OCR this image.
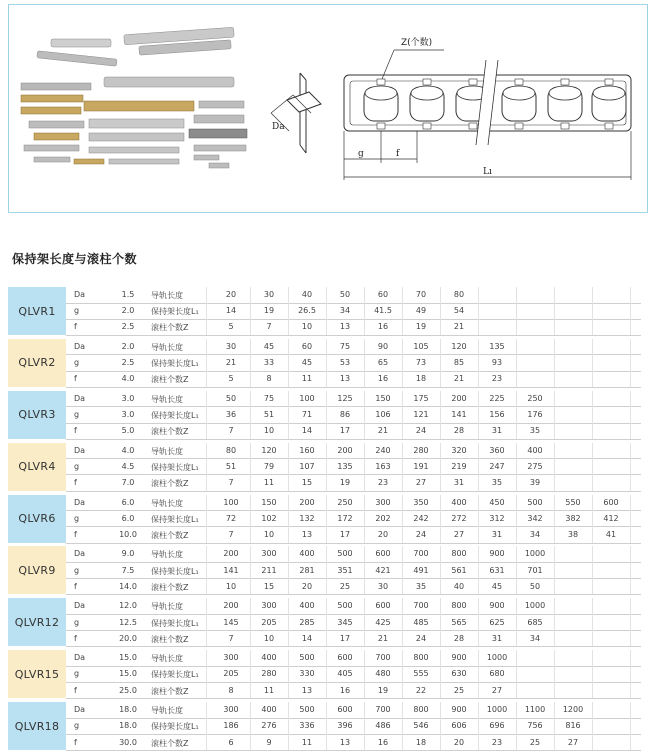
Da
Z(个数)
g	f
Lı
保持架长度与滚柱个数
QLVR1
Da	1.5	导轨长度	20	30	40	50	60	70	80
g	2.0	保持架长度L₁	14	19	26.5	34	41.5	49	54
f	2.5	滚柱个数Z	5	7	10	13	16	19	21
QLVR2
Da	2.0	导轨长度	30	45	60	75	90	105	120	135
g	2.5	保持架长度L₁	21	33	45	53	65	73	85	93
f	4.0	滚柱个数Z	5	8	11	13	16	18	21	23
QLVR3
Da	3.0	导轨长度	50	75	100	125	150	175	200	225	250
g	3.0	保持架长度L₁	36	51	71	86	106	121	141	156	176
f	5.0	滚柱个数Z	7	10	14	17	21	24	28	31	35
QLVR4
Da	4.0	导轨长度	80	120	160	200	240	280	320	360	400
g	4.5	保持架长度L₁	51	79	107	135	163	191	219	247	275
f	7.0	滚柱个数Z	7	11	15	19	23	27	31	35	39
QLVR6
Da	6.0	导轨长度	100	150	200	250	300	350	400	450	500	550	600
g	6.0	保持架长度L₁	72	102	132	172	202	242	272	312	342	382	412
f	10.0	滚柱个数Z	7	10	13	17	20	24	27	31	34	38	41
QLVR9
Da	9.0	导轨长度	200	300	400	500	600	700	800	900	1000
g	7.5	保持架长度L₁	141	211	281	351	421	491	561	631	701
f	14.0	滚柱个数Z	10	15	20	25	30	35	40	45	50
QLVR12
Da	12.0	导轨长度	200	300	400	500	600	700	800	900	1000
g	12.5	保持架长度L₁	145	205	285	345	425	485	565	625	685
f	20.0	滚柱个数Z	7	10	14	17	21	24	28	31	34
QLVR15
Da	15.0	导轨长度	300	400	500	600	700	800	900	1000
g	15.0	保持架长度L₁	205	280	330	405	480	555	630	680
f	25.0	滚柱个数Z	8	11	13	16	19	22	25	27
QLVR18
Da	18.0	导轨长度	300	400	500	600	700	800	900	1000	1100	1200
g	18.0	保持架长度L₁	186	276	336	396	486	546	606	696	756	816
f	30.0	滚柱个数Z	6	9	11	13	16	18	20	23	25	27
